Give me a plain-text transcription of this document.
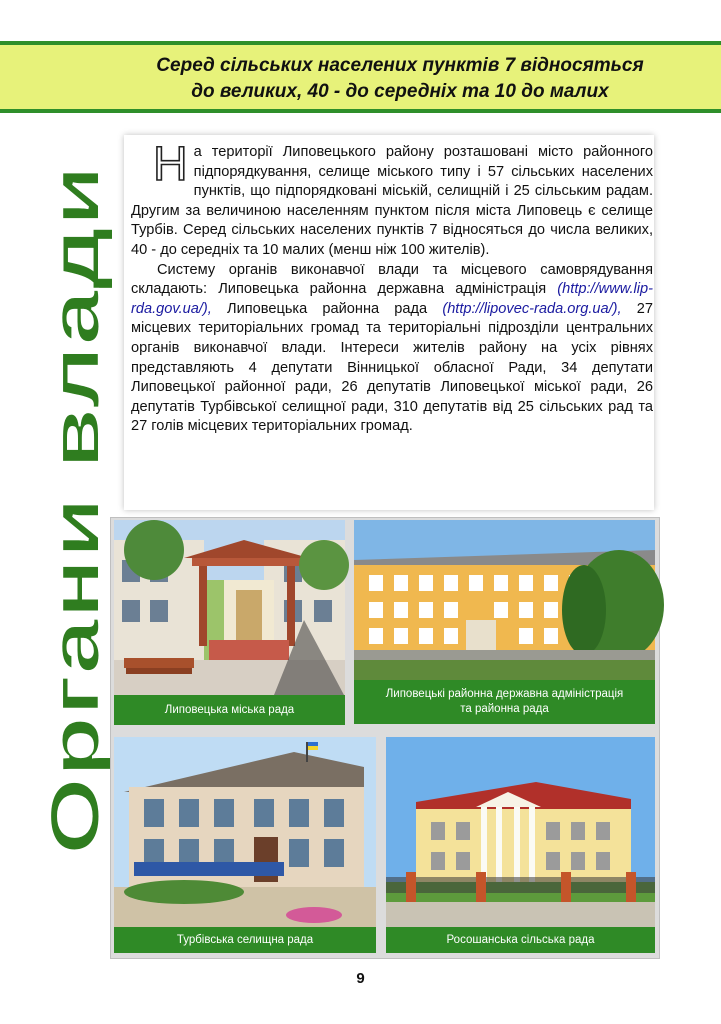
Серед сільських населених пунктів 7 відносяться

до великих, 40 - до середніх та 10 до малих

Органи влади

На території Липовецького району розташовані місто районного підпорядкування, селище міського типу і 57 сільських населених пунктів, що підпорядковані міській, селищній і 25 сільським радам. Другим за величиною населенням пунктом після міста Липовець є селище Турбів. Серед сільських населених пунктів 7 відносяться до числа великих, 40 - до середніх та 10 малих (менш ніж 100 жителів).

Систему органів виконавчої влади та місцевого самоврядування складають: Липовецька районна державна адміністрація (http://www.lip-rda.gov.ua/), Липовецька районна рада (http://lipovec-rada.org.ua/), 27 місцевих територіальних громад та територіальні підрозділи центральних органів виконавчої влади. Інтереси жителів району на усіх рівнях представляють 4 депутати Вінницької обласної Ради, 34 депутати Липовецької районної ради, 26 депутатів Липовецької міської ради, 26 депутатів Турбівської селищної ради, 310 депутатів від 25 сільських рад та 27 голів місцевих територіальних громад.

Липовецька міська рада
Липовецькі районна державна адміністрація
та районна рада
Турбівська селищна рада	Росошанська сільська рада
9
